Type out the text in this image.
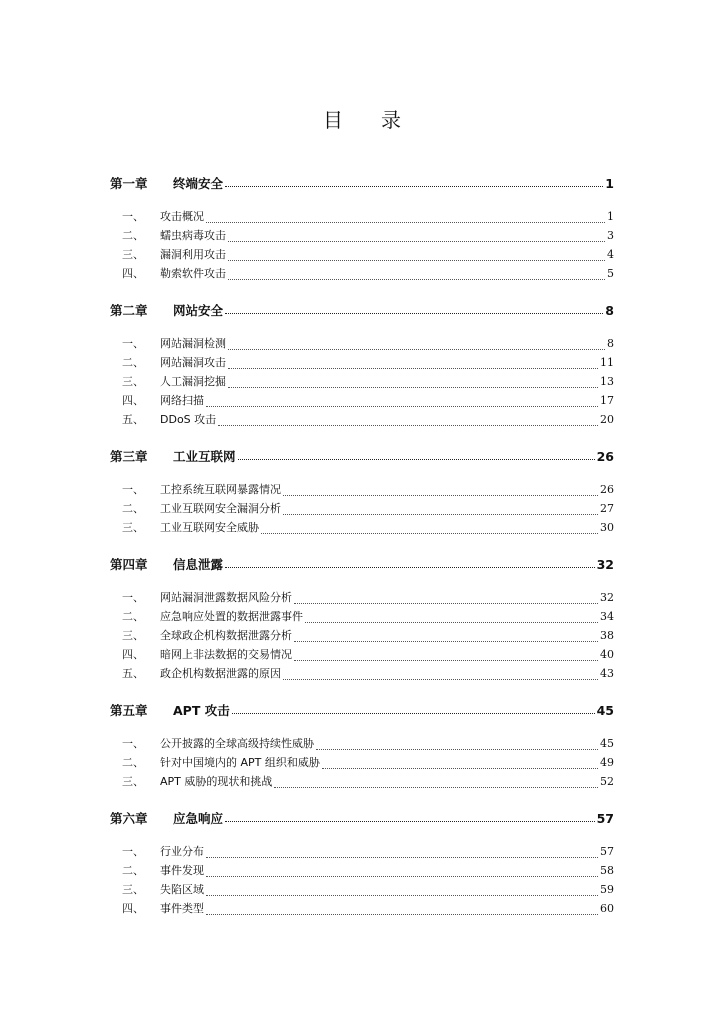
目 录
第一章	终端安全	1
一、	攻击概况	1
二、	蠕虫病毒攻击	3
三、	漏洞利用攻击	4
四、	勒索软件攻击	5
第二章	网站安全	8
一、	网站漏洞检测	8
二、	网站漏洞攻击	11
三、	人工漏洞挖掘	13
四、	网络扫描	17
五、	DDoS 攻击	20
第三章	工业互联网	26
一、	工控系统互联网暴露情况	26
二、	工业互联网安全漏洞分析	27
三、	工业互联网安全威胁	30
第四章	信息泄露	32
一、	网站漏洞泄露数据风险分析	32
二、	应急响应处置的数据泄露事件	34
三、	全球政企机构数据泄露分析	38
四、	暗网上非法数据的交易情况	40
五、	政企机构数据泄露的原因	43
第五章	APT 攻击	45
一、	公开披露的全球高级持续性威胁	45
二、	针对中国境内的 APT 组织和威胁	49
三、	APT 威胁的现状和挑战	52
第六章	应急响应	57
一、	行业分布	57
二、	事件发现	58
三、	失陷区域	59
四、	事件类型	60
